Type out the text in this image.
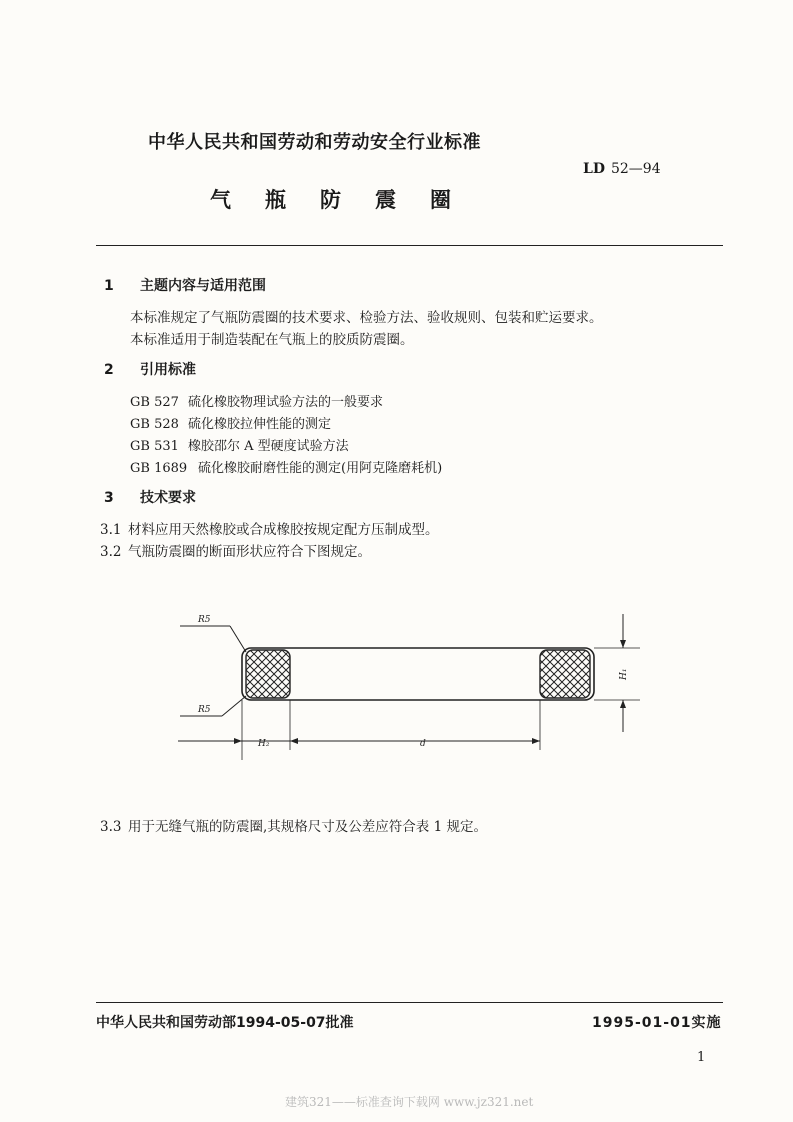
中华人民共和国劳动和劳动安全行业标准
LD 52—94
气瓶防震圈
1 主题内容与适用范围
本标准规定了气瓶防震圈的技术要求、检验方法、验收规则、包装和贮运要求。
本标准适用于制造装配在气瓶上的胶质防震圈。
2 引用标准
GB 527 硫化橡胶物理试验方法的一般要求
GB 528 硫化橡胶拉伸性能的测定
GB 531 橡胶邵尔 A 型硬度试验方法
GB 1689 硫化橡胶耐磨性能的测定(用阿克隆磨耗机)
3 技术要求
3.1 材料应用天然橡胶或合成橡胶按规定配方压制成型。
3.2 气瓶防震圈的断面形状应符合下图规定。
R5
R5
H₁
H₂	d
3.3 用于无缝气瓶的防震圈,其规格尺寸及公差应符合表 1 规定。
中华人民共和国劳动部1994-05-07批准	1995-01-01实施
1
建筑321——标准查询下载网 www.jz321.net
